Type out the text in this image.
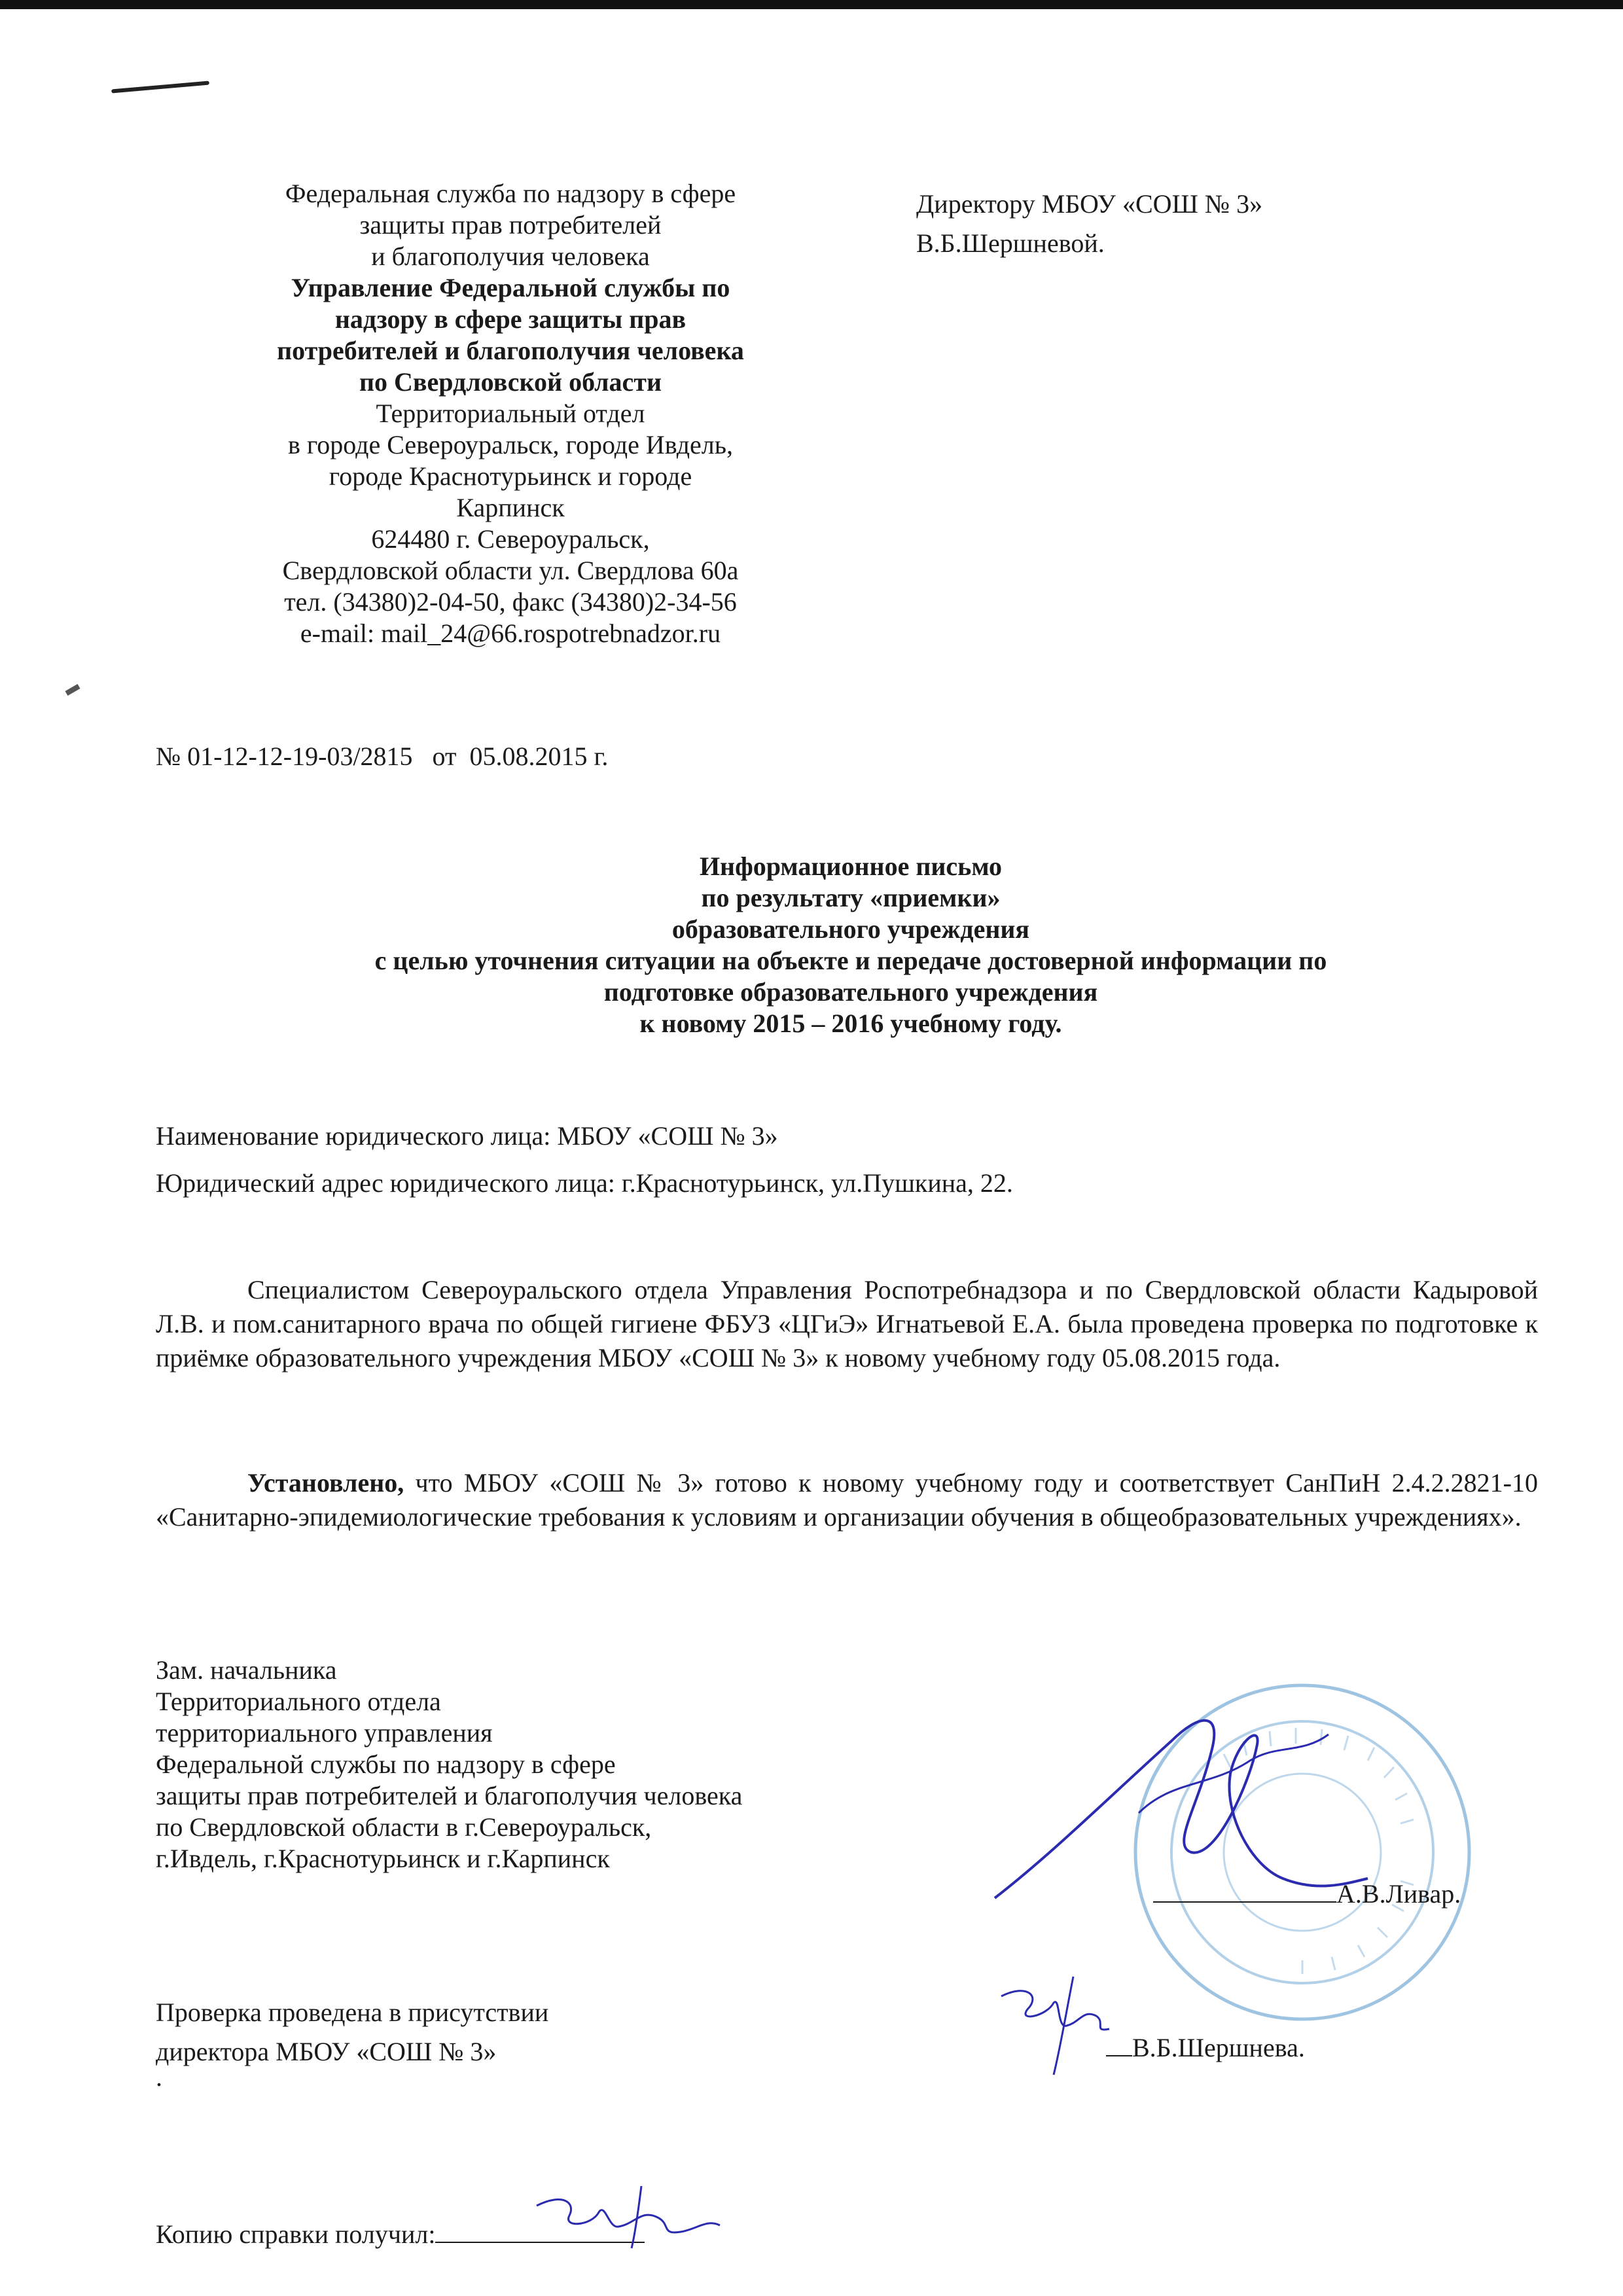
Федеральная служба по надзору в сфере
защиты прав потребителей
и благополучия человека
Управление Федеральной службы по
надзору в сфере защиты прав
потребителей и благополучия человека
по Свердловской области
Территориальный отдел
в городе Североуральск, городе Ивдель,
городе Краснотурьинск и городе
Карпинск
624480 г. Североуральск,
Свердловской области ул. Свердлова 60а
тел. (34380)2-04-50, факс (34380)2-34-56
e-mail: mail_24@66.rospotrebnadzor.ru
Директору МБОУ «СОШ № 3»
В.Б.Шершневой.
№ 01-12-12-19-03/2815   от  05.08.2015 г.
Информационное письмо
по результату «приемки»
образовательного учреждения
с целью уточнения ситуации на объекте и передаче достоверной информации по
подготовке образовательного учреждения
к новому 2015 – 2016 учебному году.
Наименование юридического лица: МБОУ «СОШ № 3»
Юридический адрес юридического лица: г.Краснотурьинск, ул.Пушкина, 22.
Специалистом Североуральского отдела Управления Роспотребнадзора и по Свердловской области Кадыровой Л.В. и пом.санитарного врача по общей гигиене ФБУЗ «ЦГиЭ» Игнатьевой Е.А. была проведена проверка по подготовке к приёмке образовательного учреждения МБОУ «СОШ № 3» к новому учебному году 05.08.2015 года.
Установлено, что МБОУ «СОШ № 3» готово к новому учебному году и соответствует СанПиН 2.4.2.2821-10 «Санитарно-эпидемиологические требования к условиям и организации обучения в общеобразовательных учреждениях».
Зам. начальника
Территориального отдела
территориального управления
Федеральной службы по надзору в сфере
защиты прав потребителей и благополучия человека
по Свердловской области в г.Североуральск,
г.Ивдель, г.Краснотурьинск и г.Карпинск
А.В.Ливар.
Проверка проведена в присутствии
директора МБОУ «СОШ № 3»
.
В.Б.Шершнева.
Копию справки получил:
